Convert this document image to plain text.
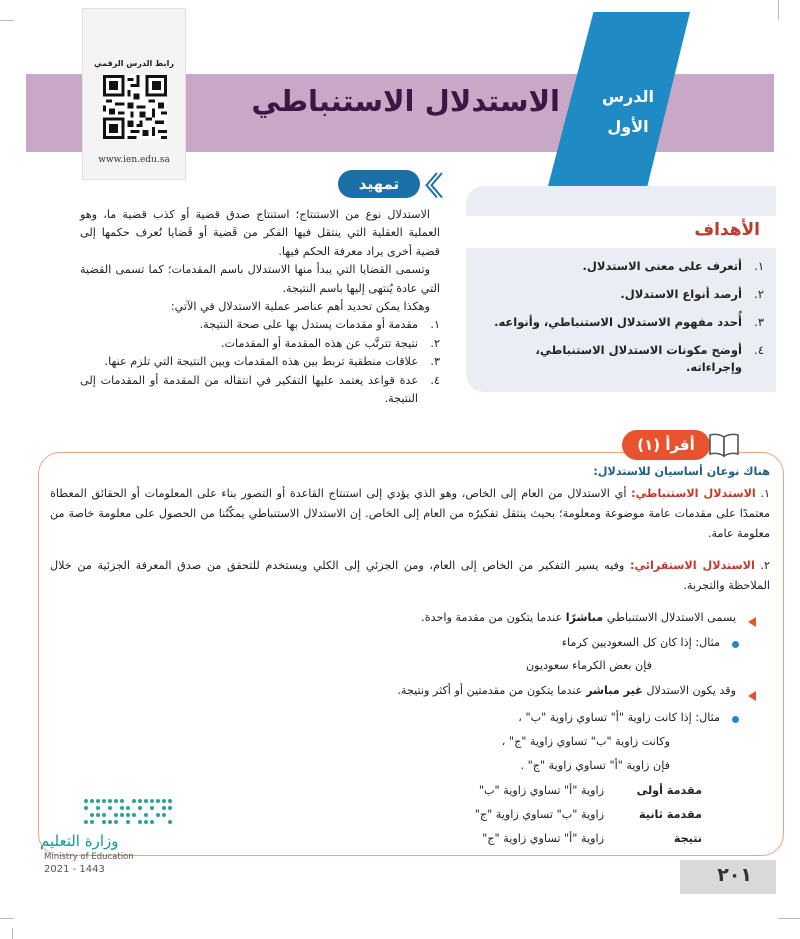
الاستدلال الاستنباطي
رابط الدرس الرقمي
www.ien.edu.sa
الدرس
الأول
تمهيد 〈〈

الاستدلال نوع من الاستنتاج؛ استنتاج صدق قضية أو كذب قضية ما، وهو العملية العقلية التي ينتقل فيها الفكر من قَضية أو قَضايا نُعرف حكمها إلى قضية أخرى يراد معرفة الحكم فيها.

وتسمى القضايا التي يبدأ منها الاستدلال باسم المقدمات؛ كما تسمى القضية التي عادة يُنتهى إليها باسم النتيجة.

وهكذا يمكن تحديد أهم عناصر عملية الاستدلال في الآتي:

١.
مقدمة أو مقدمات يستدل بها على صحة النتيجة.
٢.
نتيجة تترتَّب عن هذه المقدمة أو المقدمات.
٣.
علاقات منطقية تربط بين هذه المقدمات وبين النتيجة التي تلزم عنها.
٤.
عدة قواعد يعتمد عليها التفكير في انتقاله من المقدمة أو المقدمات إلى النتيجة.
الأهداف
١.
أتعرف على معنى الاستدلال.
٢.
أرصد أنواع الاستدلال.
٣.
أُحدد مفهوم الاستدلال الاستنباطي، وأنواعه.
٤.
أوضح مكونات الاستدلال الاستنباطي، وإجراءاته.
أقرأ (١)
هناك نوعان أساسيان للاستدلال:
١. الاستدلال الاستنباطي: أي الاستدلال من العام إلى الخاص، وهو الذي يؤدي إلى استنتاج القاعدة أو التصور بناء على المعلومات أو الحقائق المعطاة معتمدًا على مقدمات عامة موضوعة ومعلومة؛ بحيث ينتقل تفكيرُه من العام إلى الخاص. إن الاستدلال الاستنباطي يمكّنُنا من الحصول على معلومة خاصة من معلومة عامة.
٢. الاستدلال الاستقرائي: وفيه يسير التفكير من الخاص إلى العام، ومن الجزئي إلى الكلي ويستخدم للتحقق من صدق المعرفة الجزئية من خلال الملاحظة والتجربة.
يسمى الاستدلال الاستنباطي مباشرًا عندما يتكون من مقدمة واحدة.
مثال: إذا كان كل السعوديين كرماء
فإن بعض الكرماء سعوديون
وقد يكون الاستدلال غير مباشر عندما يتكون من مقدمتين أو أكثر ونتيجة.
مثال: إذا كانت زاوية "أ" تساوي زاوية "ب" ،
وكانت زاوية "ب" تساوي زاوية "ج" ،
فإن زاوية "أ" تساوي زاوية "ج" .
مقدمة أولى
زاوية "أ" تساوي زاوية "ب"
مقدمة ثانية
زاوية "ب" تساوي زاوية "ج"
نتيجة
زاوية "أ" تساوي زاوية "ج"
وزارة التعليم
Ministry of Education
2021 - 1443	٢٠١
